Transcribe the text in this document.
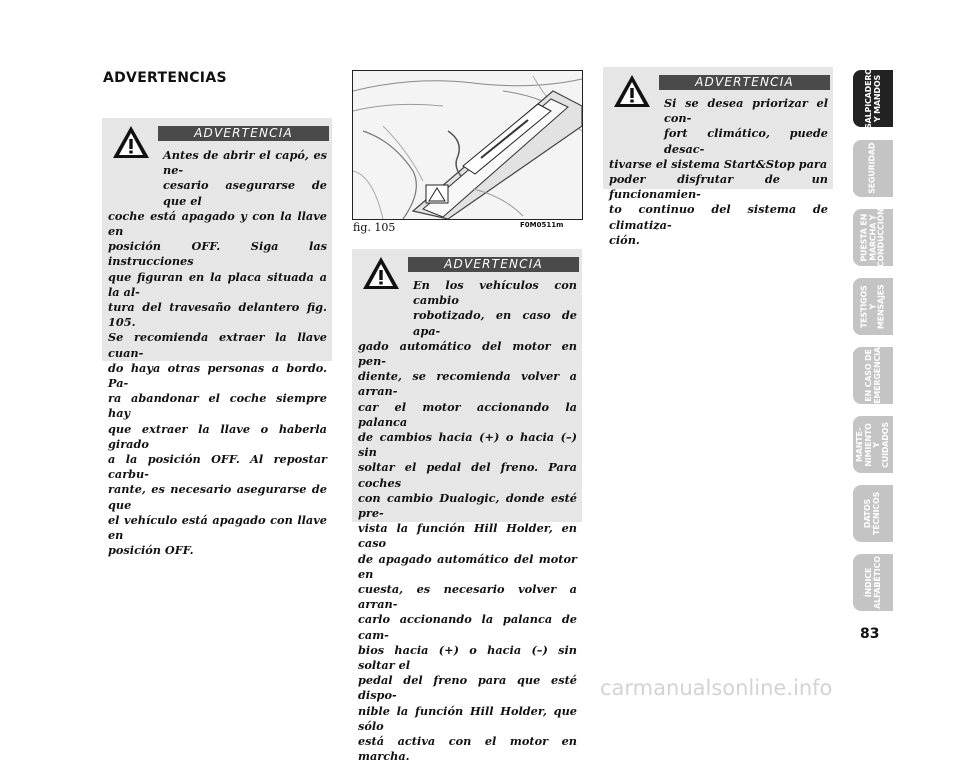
ADVERTENCIAS
ADVERTENCIA

Antes de abrir el capó, es ne-
cesario asegurarse de que el
coche está apagado y con la llave en
posición OFF. Siga las instrucciones
que figuran en la placa situada a la al-
tura del travesaño delantero fig. 105.
Se recomienda extraer la llave cuan-
do haya otras personas a bordo. Pa-
ra abandonar el coche siempre hay
que extraer la llave o haberla girado
a la posición OFF. Al repostar carbu-
rante, es necesario asegurarse de que
el vehículo está apagado con llave en
posición OFF.

fig. 105	F0M0511m
ADVERTENCIA

En los vehículos con cambio
robotizado, en caso de apa-
gado automático del motor en pen-
diente, se recomienda volver a arran-
car el motor accionando la palanca
de cambios hacia (+) o hacia (–) sin
soltar el pedal del freno. Para coches
con cambio Dualogic, donde esté pre-
vista la función Hill Holder, en caso
de apagado automático del motor en
cuesta, es necesario volver a arran-
carlo accionando la palanca de cam-
bios hacia (+) o hacia (–) sin soltar el
pedal del freno para que esté dispo-
nible la función Hill Holder, que sólo
está activa con el motor en marcha.

ADVERTENCIA

Si se desea priorizar el con-
fort climático, puede desac-
tivarse el sistema Start&Stop para
poder disfrutar de un funcionamien-
to continuo del sistema de climatiza-
ción.

SALPICADERO
Y MANDOS
SEGURIDAD
PUESTA EN
MARCHA Y
CONDUCCIÓN
TESTIGOS
Y MENSAJES
EN CASO DE
EMERGENCIA
MANTE-
NIMIENTO
Y CUIDADOS
DATOS
TÉCNICOS
ÍNDICE
ALFABÉTICO
83
carmanualsonline.info
